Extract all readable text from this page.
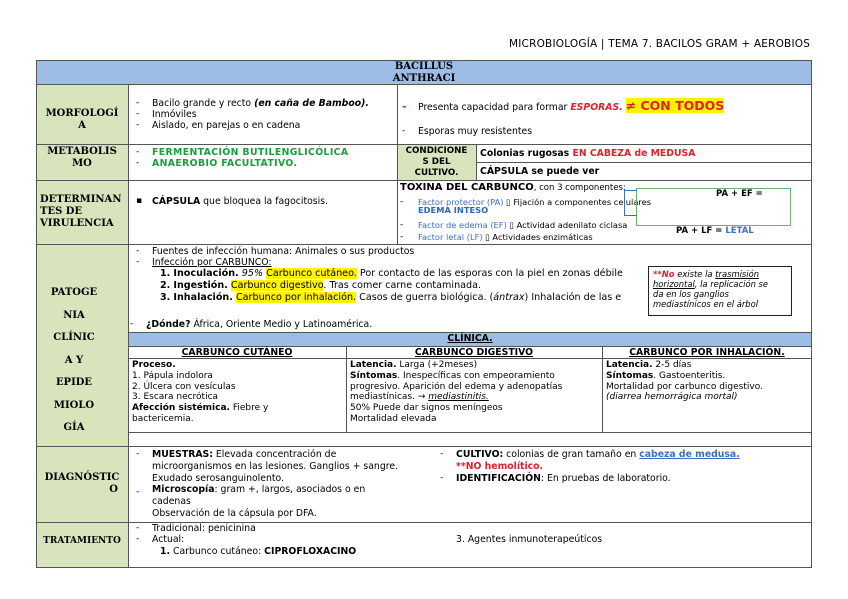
MICROBIOLOGÍA | TEMA 7. BACILOS GRAM + AEROBIOS
BACILLUS
ANTHRACI
MORFOLOGÍ
A
METABOLIS
MO
DETERMINAN
TES DE
VIRULENCIA
PATOGE
NIA
CLÍNIC
A Y
EPIDE
MIOLO
GÍA
DIAGNÓSTIC
O
TRATAMIENTO
-
-
-
Bacilo grande y recto (en caña de Bamboo).
Inmóviles
Aislado, en parejas o en cadena
- Presenta capacidad para formar ESPORAS. ≠ CON TODOS
- Esporas muy resistentes
-
-
FERMENTACIÓN BUTILENGLICÓLICA
ANAEROBIO FACULTATIVO.
CONDICIONE
S DEL
CULTIVO.
Colonias rugosas EN CABEZA de MEDUSA
CÁPSULA se puede ver
▪ CÁPSULA que bloquea la fagocitosis.
TOXINA DEL CARBUNCO, con 3 componentes:
- Factor protector (PA) ▯ Fijación a componentes celulares
EDEMA INTESO
- Factor de edema (EF) ▯ Actividad adenilato ciclasa
- Factor letal (LF) ▯ Actividades enzimáticas
PA + EF =
PA + LF = LETAL
-
-
Fuentes de infección humana: Animales o sus productos
Infección por CARBUNCO:
1. Inoculación. 95% Carbunco cutáneo. Por contacto de las esporas con la piel en zonas débile
2. Ingestión. Carbunco digestivo. Tras comer carne contaminada.
3. Inhalación. Carbunco por inhalación. Casos de guerra biológica. (ántrax) Inhalación de las e
- ¿Dónde? África, Oriente Medio y Latinoamérica.
**No existe la trasmisión
horizontal, la replicación se
da en los ganglios
mediastínicos en el árbol
CLÍNICA.
CARBUNCO CUTÁNEO	CARBUNCO DIGESTIVO	CARBUNCO POR INHALACIÓN.
Proceso.
1. Pápula indolora
2. Úlcera con vesículas
3. Escara necrótica
Afección sistémica. Fiebre y
bactericemia.
Latencia. Larga (+2meses)
Síntomas. Inespecíficas con empeoramiento
progresivo. Aparición del edema y adenopatías
mediastínicas. → mediastinitis.
50% Puede dar signos meníngeos
Mortalidad elevada
Latencia. 2-5 días
Síntomas. Gastoenteritis.
Mortalidad por carbunco digestivo.
(diarrea hemorrágica mortal)
-
-
MUESTRAS: Elevada concentración de
microorganismos en las lesiones. Ganglios + sangre.
Exudado serosanguinolento.
Microscopía: gram +, largos, asociados o en
cadenas
Observación de la cápsula por DFA.
- CULTIVO: colonias de gran tamaño en cabeza de medusa.
**NO hemolítico.
- IDENTIFICACIÓN: En pruebas de laboratorio.
-
-
Tradicional: penicinina
Actual:
1. Carbunco cutáneo: CIPROFLOXACINO
3. Agentes inmunoterapeúticos
